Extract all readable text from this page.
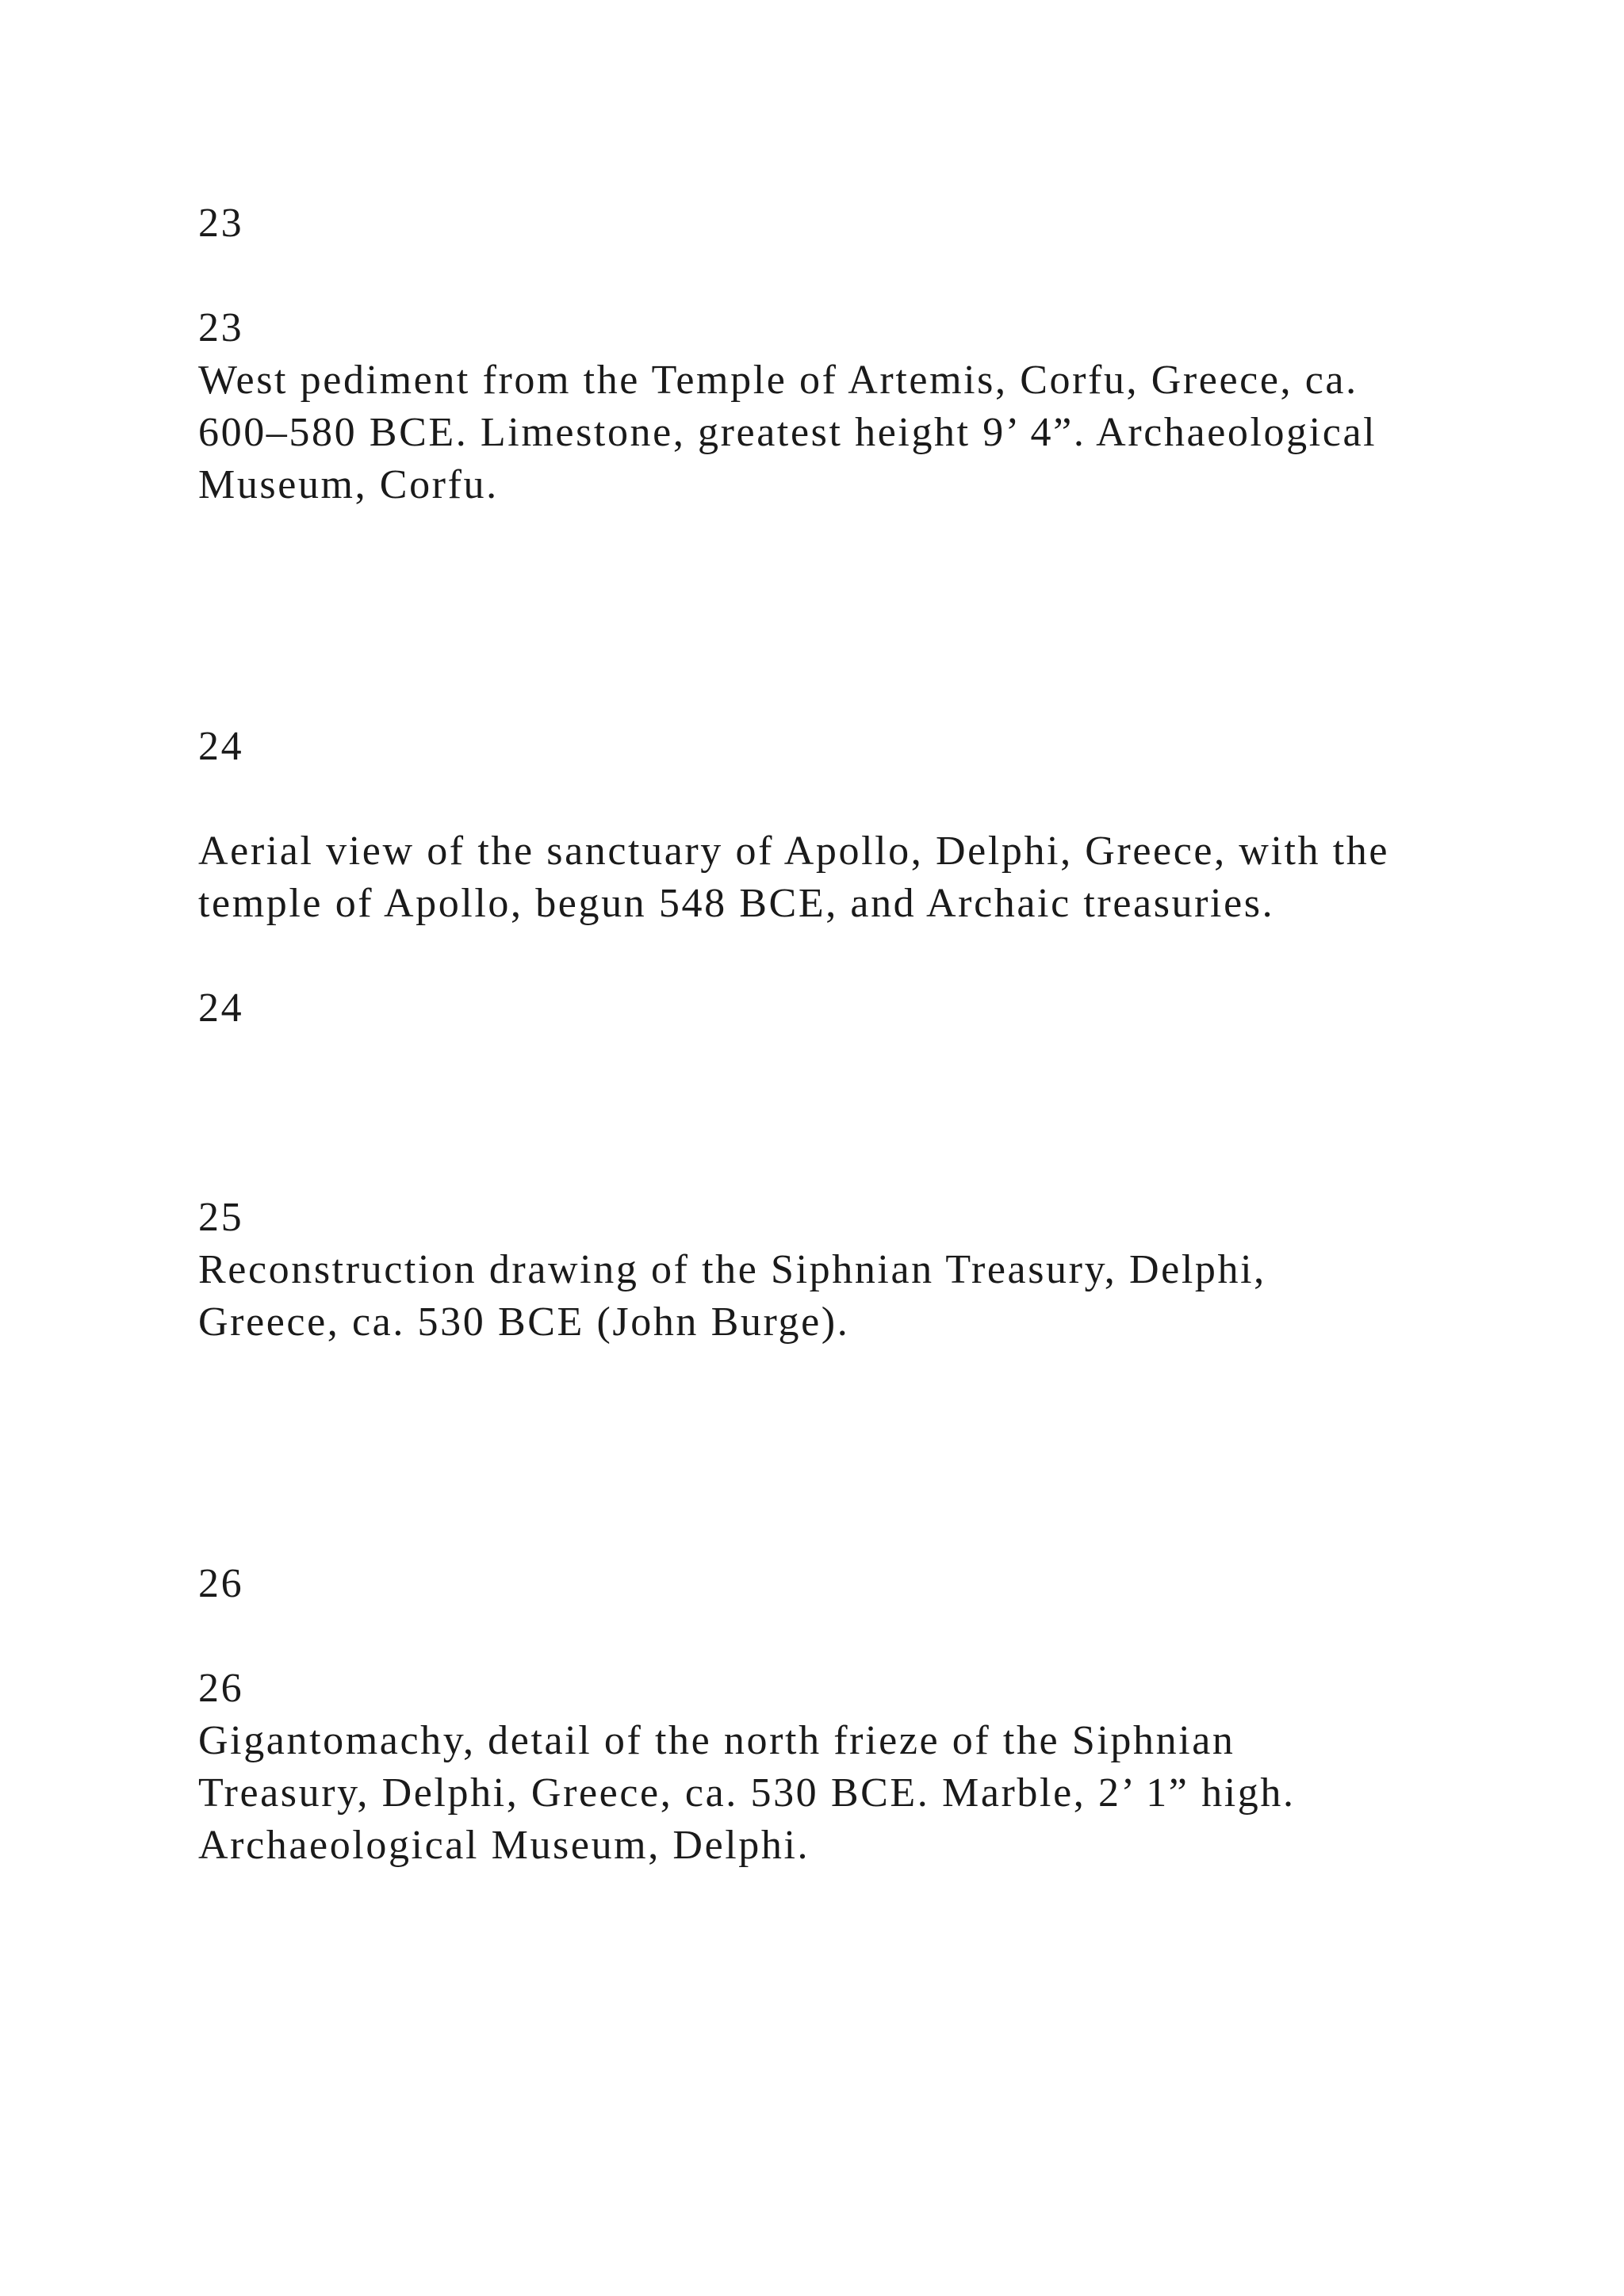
23

23

West pediment from the Temple of Artemis, Corfu, Greece, ca.

600–580 BCE. Limestone, greatest height 9’ 4”. Archaeological

Museum, Corfu.

24

Aerial view of the sanctuary of Apollo, Delphi, Greece, with the

temple of Apollo, begun 548 BCE, and Archaic treasuries.

24

25

Reconstruction drawing of the Siphnian Treasury, Delphi,

Greece, ca. 530 BCE (John Burge).

26

26

Gigantomachy, detail of the north frieze of the Siphnian

Treasury, Delphi, Greece, ca. 530 BCE. Marble, 2’ 1” high.

Archaeological Museum, Delphi.
